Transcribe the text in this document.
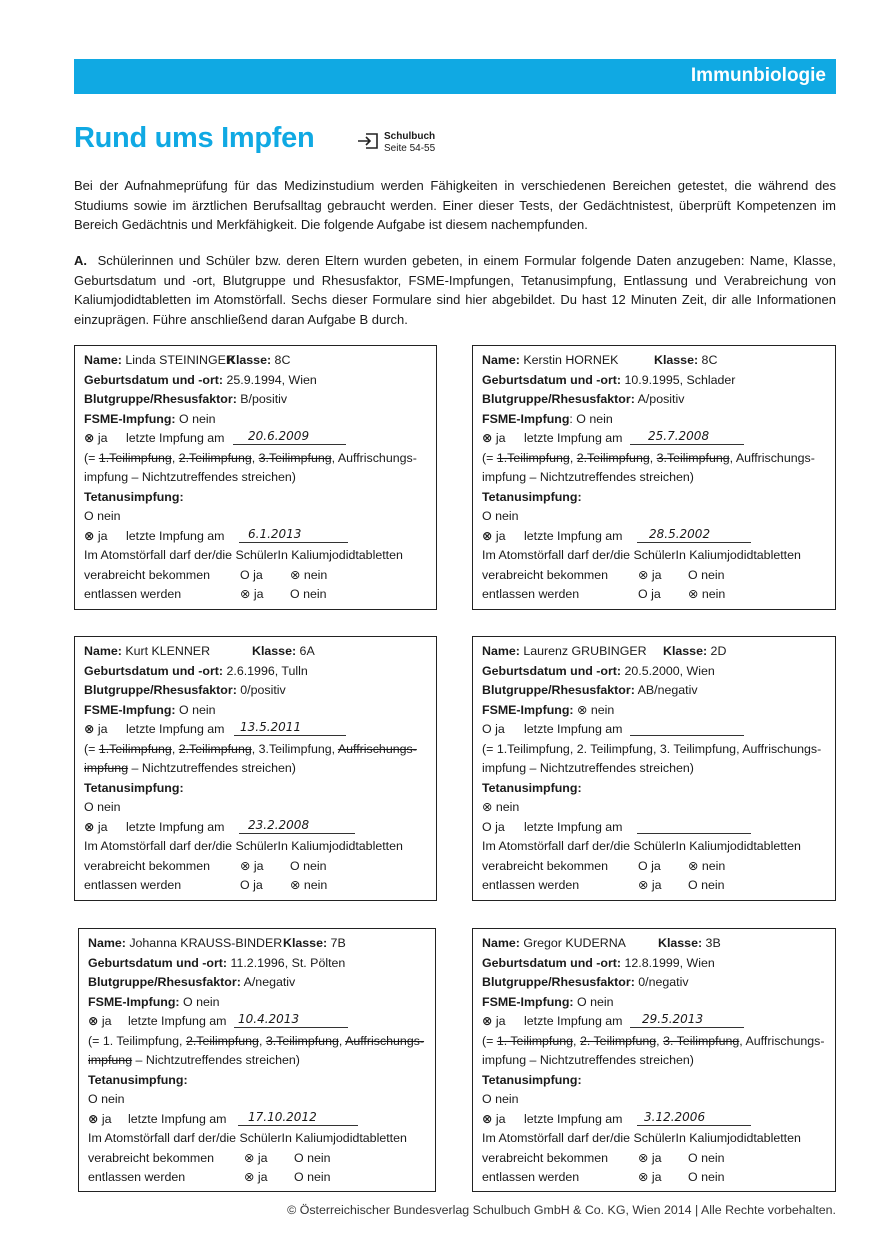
Immunbiologie
Rund ums Impfen	Schulbuch
Seite 54-55
Bei der Aufnahmeprüfung für das Medizinstudium werden Fähigkeiten in verschiedenen Bereichen getestet, die während des Studiums sowie im ärztlichen Berufsalltag gebraucht werden. Einer dieser Tests, der Gedächtnistest, überprüft Kompetenzen im Bereich Gedächtnis und Merkfähigkeit. Die folgende Aufgabe ist diesem nachempfunden.
A. Schülerinnen und Schüler bzw. deren Eltern wurden gebeten, in einem Formular folgende Daten anzugeben: Name, Klasse, Geburtsdatum und -ort, Blutgruppe und Rhesusfaktor, FSME-Impfungen, Tetanusimpfung, Entlassung und Verabreichung von Kaliumjodidtabletten im Atomstörfall. Sechs dieser Formulare sind hier abgebildet. Du hast 12 Minuten Zeit, dir alle Informationen einzuprägen. Führe anschließend daran Aufgabe B durch.
Name: Linda STEININGER
Klasse: 8C
Geburtsdatum und -ort: 25.9.1994, Wien
Blutgruppe/Rhesusfaktor: B/positiv
FSME-Impfung: O nein
⊗ ja letzte Impfung am 20.6.2009
(= 1.Teilimpfung, 2.Teilimpfung, 3.Teilimpfung, Auffrischungs-
impfung – Nichtzutreffendes streichen)
Tetanusimpfung:
O nein
⊗ ja letzte Impfung am 6.1.2013
Im Atomstörfall darf der/die SchülerIn Kaliumjodidtabletten
verabreicht bekommen O ja ⊗ nein
entlassen werden	⊗ ja O nein
Name: Kerstin HORNEK	Klasse: 8C
Geburtsdatum und -ort: 10.9.1995, Schlader
Blutgruppe/Rhesusfaktor: A/positiv
FSME-Impfung: O nein
⊗ ja letzte Impfung am 25.7.2008
(= 1.Teilimpfung, 2.Teilimpfung, 3.Teilimpfung, Auffrischungs-
impfung – Nichtzutreffendes streichen)
Tetanusimpfung:
O nein
⊗ ja letzte Impfung am 28.5.2002
Im Atomstörfall darf der/die SchülerIn Kaliumjodidtabletten
verabreicht bekommen ⊗ ja O nein
entlassen werden	O ja ⊗ nein
Name: Kurt KLENNER	Klasse: 6A
Geburtsdatum und -ort: 2.6.1996, Tulln
Blutgruppe/Rhesusfaktor: 0/positiv
FSME-Impfung: O nein
⊗ ja letzte Impfung am 13.5.2011
(= 1.Teilimpfung, 2.Teilimpfung, 3.Teilimpfung, Auffrischungs-
impfung – Nichtzutreffendes streichen)
Tetanusimpfung:
O nein
⊗ ja letzte Impfung am 23.2.2008
Im Atomstörfall darf der/die SchülerIn Kaliumjodidtabletten
verabreicht bekommen ⊗ ja O nein
entlassen werden	O ja ⊗ nein
Name: Laurenz GRUBINGER Klasse: 2D
Geburtsdatum und -ort: 20.5.2000, Wien
Blutgruppe/Rhesusfaktor: AB/negativ
FSME-Impfung: ⊗ nein
O ja letzte Impfung am
(= 1.Teilimpfung, 2. Teilimpfung, 3. Teilimpfung, Auffrischungs-
impfung – Nichtzutreffendes streichen)
Tetanusimpfung:
⊗ nein
O ja letzte Impfung am
Im Atomstörfall darf der/die SchülerIn Kaliumjodidtabletten
verabreicht bekommen O ja ⊗ nein
entlassen werden	⊗ ja O nein
Name: Johanna KRAUSS-BINDER Klasse: 7B
Geburtsdatum und -ort: 11.2.1996, St. Pölten
Blutgruppe/Rhesusfaktor: A/negativ
FSME-Impfung: O nein
⊗ ja letzte Impfung am 10.4.2013
(= 1. Teilimpfung, 2.Teilimpfung, 3.Teilimpfung, Auffrischungs-
impfung – Nichtzutreffendes streichen)
Tetanusimpfung:
O nein
⊗ ja letzte Impfung am 17.10.2012
Im Atomstörfall darf der/die SchülerIn Kaliumjodidtabletten
verabreicht bekommen ⊗ ja O nein
entlassen werden	⊗ ja O nein
Name: Gregor KUDERNA	Klasse: 3B
Geburtsdatum und -ort: 12.8.1999, Wien
Blutgruppe/Rhesusfaktor: 0/negativ
FSME-Impfung: O nein
⊗ ja letzte Impfung am 29.5.2013
(= 1. Teilimpfung, 2. Teilimpfung, 3. Teilimpfung, Auffrischungs-
impfung – Nichtzutreffendes streichen)
Tetanusimpfung:
O nein
⊗ ja letzte Impfung am 3.12.2006
Im Atomstörfall darf der/die SchülerIn Kaliumjodidtabletten
verabreicht bekommen ⊗ ja O nein
entlassen werden	⊗ ja O nein
© Österreichischer Bundesverlag Schulbuch GmbH & Co. KG, Wien 2014 | Alle Rechte vorbehalten.
